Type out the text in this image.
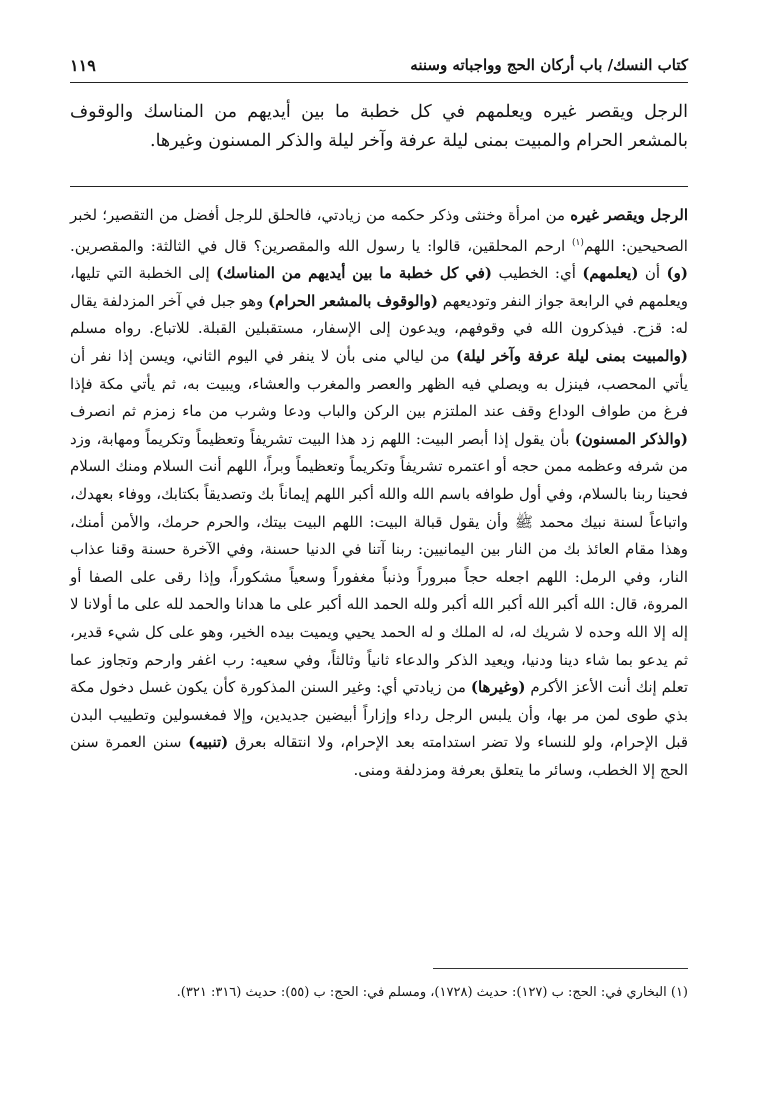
كتاب النسك/ باب أركان الحج وواجباته وسننه
١١٩
الرجل ويقصر غيره ويعلمهم في كل خطبة ما بين أيديهم من المناسك والوقوف بالمشعر الحرام والمبيت بمنى ليلة عرفة وآخر ليلة والذكر المسنون وغيرها.
الرجل ويقصر غيره من امرأة وخنثى وذكر حكمه من زيادتي، فالحلق للرجل أفضل من التقصير؛ لخبر الصحيحين: اللهم$^{(١)}$ ارحم المحلقين، قالوا: يا رسول الله والمقصرين؟ قال في الثالثة: والمقصرين. (و) أن (يعلمهم) أي: الخطيب (في كل خطبة ما بين أيديهم من المناسك) إلى الخطبة التي تليها، ويعلمهم في الرابعة جواز النفر وتوديعهم (والوقوف بالمشعر الحرام) وهو جبل في آخر المزدلفة يقال له: قزح. فيذكرون الله في وقوفهم، ويدعون إلى الإسفار، مستقبلين القبلة. للاتباع. رواه مسلم (والمبيت بمنى ليلة عرفة وآخر ليلة) من ليالي منى بأن لا ينفر في اليوم الثاني، ويسن إذا نفر أن يأتي المحصب، فينزل به ويصلي فيه الظهر والعصر والمغرب والعشاء، ويبيت به، ثم يأتي مكة فإذا فرغ من طواف الوداع وقف عند الملتزم بين الركن والباب ودعا وشرب من ماء زمزم ثم انصرف (والذكر المسنون) بأن يقول إذا أبصر البيت: اللهم زد هذا البيت تشريفاً وتعظيماً وتكريماً ومهابة، وزد من شرفه وعظمه ممن حجه أو اعتمره تشريفاً وتكريماً وتعظيماً وبراً، اللهم أنت السلام ومنك السلام فحينا ربنا بالسلام، وفي أول طوافه باسم الله والله أكبر اللهم إيماناً بك وتصديقاً بكتابك، ووفاء بعهدك، واتباعاً لسنة نبيك محمد ﷺ وأن يقول قبالة البيت: اللهم البيت بيتك، والحرم حرمك، والأمن أمنك، وهذا مقام العائذ بك من النار بين اليمانيين: ربنا آتنا في الدنيا حسنة، وفي الآخرة حسنة وقنا عذاب النار، وفي الرمل: اللهم اجعله حجاً مبروراً وذنباً مغفوراً وسعياً مشكوراً، وإذا رقى على الصفا أو المروة، قال: الله أكبر الله أكبر الله أكبر ولله الحمد الله أكبر على ما هدانا والحمد لله على ما أولانا لا إله إلا الله وحده لا شريك له، له الملك و له الحمد يحيي ويميت بيده الخير، وهو على كل شيء قدير، ثم يدعو بما شاء دينا ودنيا، ويعيد الذكر والدعاء ثانياً وثالثاً، وفي سعيه: رب اغفر وارحم وتجاوز عما تعلم إنك أنت الأعز الأكرم (وغيرها) من زيادتي أي: وغير السنن المذكورة كأن يكون غسل دخول مكة بذي طوى لمن مر بها، وأن يلبس الرجل رداء وإزاراً أبيضين جديدين، وإلا فمغسولين وتطييب البدن قبل الإحرام، ولو للنساء ولا تضر استدامته بعد الإحرام، ولا انتقاله بعرق (تنبيه) سنن العمرة سنن الحج إلا الخطب، وسائر ما يتعلق بعرفة ومزدلفة ومنى.
(١) البخاري في: الحج: ب (١٢٧): حديث (١٧٢٨)، ومسلم في: الحج: ب (٥٥): حديث (٣١٦: ٣٢١).
